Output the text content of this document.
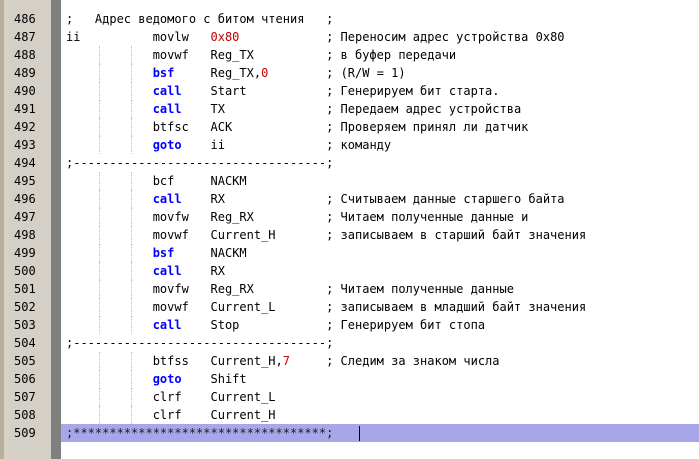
486	;   Адрес ведомого с битом чтения   ;
487	ii          movlw   0x80            ; Переносим адрес устройства 0x80
488	movwf   Reg_TX          ; в буфер передачи
489	bsf     Reg_TX,0        ; (R/W = 1)
490	call    Start           ; Генерируем бит старта.
491	call    TX              ; Передаем адрес устройства
492	btfsc   ACK             ; Проверяем принял ли датчик
493	goto    ii              ; команду
494	;-----------------------------------;
495	bcf     NACKM
496	call    RX              ; Считываем данные старшего байта
497	movfw   Reg_RX          ; Читаем полученные данные и
498	movwf   Current_H       ; записываем в старший байт значения
499	bsf     NACKM
500	call    RX
501	movfw   Reg_RX          ; Читаем полученные данные
502	movwf   Current_L       ; записываем в младший байт значения
503	call    Stop            ; Генерируем бит стопа
504	;-----------------------------------;
505	btfss   Current_H,7     ; Следим за знаком числа
506	goto    Shift
507	clrf    Current_L
508	clrf    Current_H
509	;***********************************;
